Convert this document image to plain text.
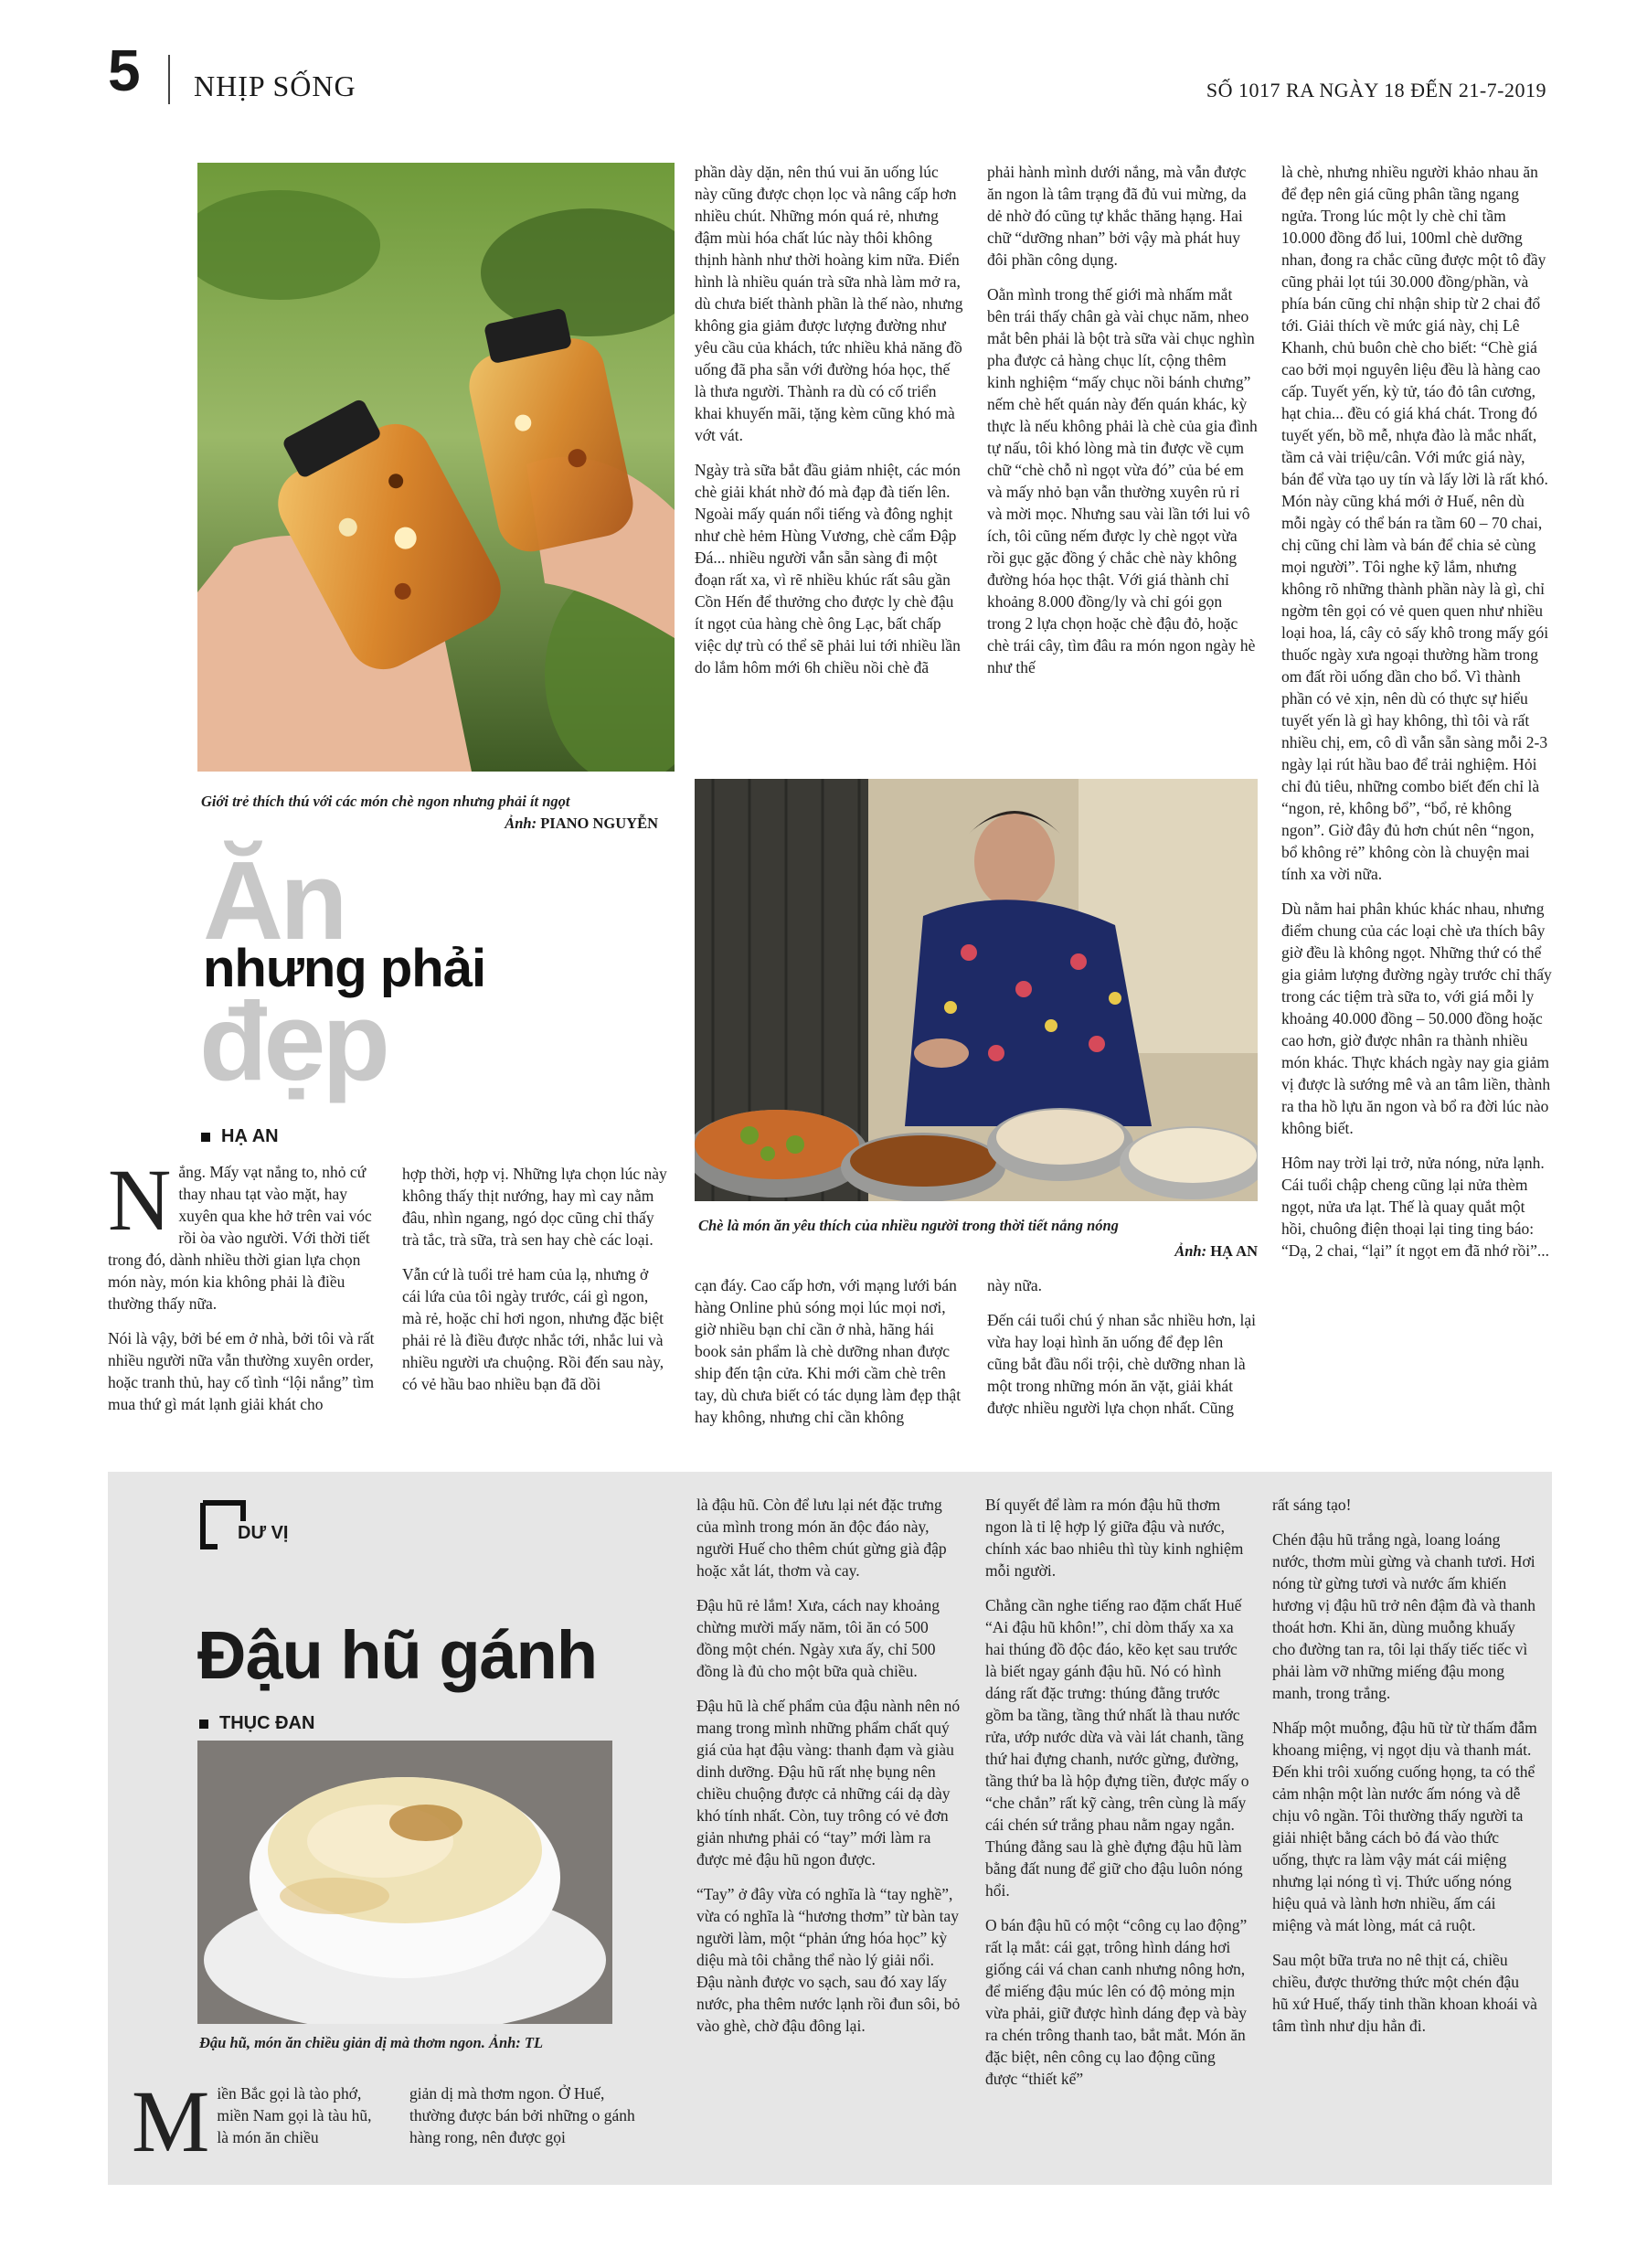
5 NHỊP SỐNG	SỐ 1017 RA NGÀY 18 ĐẾN 21-7-2019
Giới trẻ thích thú với các món chè ngon nhưng phải ít ngọt
Ảnh: PIANO NGUYỄN
Ăn
nhưng phải
đẹp
HẠ AN

Nắng. Mấy vạt nắng to, nhỏ cứ thay nhau tạt vào mặt, hay xuyên qua khe hở trên vai vóc rồi òa vào người. Với thời tiết trong đó, dành nhiều thời gian lựa chọn món này, món kia không phải là điều thường thấy nữa.

Nói là vậy, bởi bé em ở nhà, bởi tôi và rất nhiều người nữa vẫn thường xuyên order, hoặc tranh thủ, hay cố tình “lội nắng” tìm mua thứ gì mát lạnh giải khát cho

hợp thời, hợp vị. Những lựa chọn lúc này không thấy thịt nướng, hay mì cay nằm đâu, nhìn ngang, ngó dọc cũng chỉ thấy trà tắc, trà sữa, trà sen hay chè các loại.

Vẫn cứ là tuổi trẻ ham của lạ, nhưng ở cái lứa của tôi ngày trước, cái gì ngon, mà rẻ, hoặc chỉ hơi ngon, nhưng đặc biệt phải rẻ là điều được nhắc tới, nhắc lui và nhiều người ưa chuộng. Rồi đến sau này, có vẻ hầu bao nhiều bạn đã dồi

phần dày dặn, nên thú vui ăn uống lúc này cũng được chọn lọc và nâng cấp hơn nhiều chút. Những món quá rẻ, nhưng đậm mùi hóa chất lúc này thôi không thịnh hành như thời hoàng kim nữa. Điển hình là nhiều quán trà sữa nhà làm mở ra, dù chưa biết thành phần là thế nào, nhưng không gia giảm được lượng đường như yêu cầu của khách, tức nhiều khả năng đồ uống đã pha sẵn với đường hóa học, thế là thưa người. Thành ra dù có cố triển khai khuyến mãi, tặng kèm cũng khó mà vớt vát.

Ngày trà sữa bắt đầu giảm nhiệt, các món chè giải khát nhờ đó mà đạp đà tiến lên. Ngoài mấy quán nổi tiếng và đông nghịt như chè hẻm Hùng Vương, chè cẩm Đập Đá... nhiều người vẫn sẵn sàng đi một đoạn rất xa, vì rẽ nhiều khúc rất sâu gần Cồn Hến để thưởng cho được ly chè đậu ít ngọt của hàng chè ông Lạc, bất chấp việc dự trù có thể sẽ phải lui tới nhiều lần do lắm hôm mới 6h chiều nồi chè đã

phải hành mình dưới nắng, mà vẫn được ăn ngon là tâm trạng đã đủ vui mừng, da dẻ nhờ đó cũng tự khắc thăng hạng. Hai chữ “dưỡng nhan” bởi vậy mà phát huy đôi phần công dụng.

Oằn mình trong thế giới mà nhấm mắt bên trái thấy chân gà vài chục năm, nheo mắt bên phải là bột trà sữa vài chục nghìn pha được cả hàng chục lít, cộng thêm kinh nghiệm “mấy chục nồi bánh chưng” nếm chè hết quán này đến quán khác, kỳ thực là nếu không phải là chè của gia đình tự nấu, tôi khó lòng mà tin được về cụm chữ “chè chỗ nì ngọt vừa đó” của bé em và mấy nhỏ bạn vẫn thường xuyên rủ rỉ và mời mọc. Nhưng sau vài lần tới lui vô ích, tôi cũng nếm được ly chè ngọt vừa rồi gục gặc đồng ý chắc chè này không đường hóa học thật. Với giá thành chỉ khoảng 8.000 đồng/ly và chỉ gói gọn trong 2 lựa chọn hoặc chè đậu đỏ, hoặc chè trái cây, tìm đâu ra món ngon ngày hè như thế

Chè là món ăn yêu thích của nhiều người trong thời tiết nắng nóng
Ảnh: HẠ AN

cạn đáy. Cao cấp hơn, với mạng lưới bán hàng Online phủ sóng mọi lúc mọi nơi, giờ nhiều bạn chỉ cần ở nhà, hãng hái book sản phẩm là chè dưỡng nhan được ship đến tận cửa. Khi mới cầm chè trên tay, dù chưa biết có tác dụng làm đẹp thật hay không, nhưng chỉ cần không

này nữa.

Đến cái tuổi chú ý nhan sắc nhiều hơn, lại vừa hay loại hình ăn uống để đẹp lên cũng bắt đầu nổi trội, chè dưỡng nhan là một trong những món ăn vặt, giải khát được nhiều người lựa chọn nhất. Cũng

là chè, nhưng nhiều người khảo nhau ăn để đẹp nên giá cũng phân tầng ngang ngửa. Trong lúc một ly chè chỉ tầm 10.000 đồng đổ lui, 100ml chè dưỡng nhan, đong ra chắc cũng được một tô đầy cũng phải lọt túi 30.000 đồng/phần, và phía bán cũng chỉ nhận ship từ 2 chai đổ tới. Giải thích về mức giá này, chị Lê Khanh, chủ buôn chè cho biết: “Chè giá cao bởi mọi nguyên liệu đều là hàng cao cấp. Tuyết yến, kỳ tử, táo đỏ tân cương, hạt chia... đều có giá khá chát. Trong đó tuyết yến, bồ mễ, nhựa đào là mắc nhất, tầm cả vài triệu/cân. Với mức giá này, bán để vừa tạo uy tín và lấy lời là rất khó. Món này cũng khá mới ở Huế, nên dù mỗi ngày có thể bán ra tầm 60 – 70 chai, chị cũng chỉ làm và bán để chia sẻ cùng mọi người”. Tôi nghe kỹ lắm, nhưng không rõ những thành phần này là gì, chỉ ngờm tên gọi có vẻ quen quen như nhiều loại hoa, lá, cây cỏ sấy khô trong mấy gói thuốc ngày xưa ngoại thường hầm trong om đất rồi uống dần cho bổ. Vì thành phần có vẻ xịn, nên dù có thực sự hiểu tuyết yến là gì hay không, thì tôi và rất nhiều chị, em, cô dì vẫn sẵn sàng mỗi 2-3 ngày lại rút hầu bao để trải nghiệm. Hỏi chỉ đủ tiêu, những combo biết đến chỉ là “ngon, rẻ, không bổ”, “bổ, rẻ không ngon”. Giờ đây đủ hơn chút nên “ngon, bổ không rẻ” không còn là chuyện mai tính xa vời nữa.

Dù nằm hai phân khúc khác nhau, nhưng điểm chung của các loại chè ưa thích bây giờ đều là không ngọt. Những thứ có thể gia giảm lượng đường ngày trước chỉ thấy trong các tiệm trà sữa to, với giá mỗi ly khoảng 40.000 đồng – 50.000 đồng hoặc cao hơn, giờ được nhân ra thành nhiều món khác. Thực khách ngày nay gia giảm vị được là sướng mê và an tâm liền, thành ra tha hồ lựu ăn ngon và bổ ra đời lúc nào không biết.

Hôm nay trời lại trở, nửa nóng, nửa lạnh. Cái tuổi chập cheng cũng lại nửa thèm ngọt, nửa ưa lạt. Thế là quay quắt một hồi, chuông điện thoại lại ting ting báo: “Dạ, 2 chai, “lại” ít ngọt em đã nhớ rồi”...

DƯ VỊ
Đậu hũ gánh
THỤC ĐAN
Đậu hũ, món ăn chiều giản dị mà thơm ngon. Ảnh: TL

Miền Bắc gọi là tào phớ, miền Nam gọi là tàu hũ, là món ăn chiều

giản dị mà thơm ngon. Ở Huế, thường được bán bởi những o gánh hàng rong, nên được gọi

là đậu hũ. Còn để lưu lại nét đặc trưng của mình trong món ăn độc đáo này, người Huế cho thêm chút gừng già đập hoặc xắt lát, thơm và cay.

Đậu hũ rẻ lắm! Xưa, cách nay khoảng chừng mười mấy năm, tôi ăn có 500 đồng một chén. Ngày xưa ấy, chỉ 500 đồng là đủ cho một bữa quà chiều.

Đậu hũ là chế phẩm của đậu nành nên nó mang trong mình những phẩm chất quý giá của hạt đậu vàng: thanh đạm và giàu dinh dưỡng. Đậu hũ rất nhẹ bụng nên chiều chuộng được cả những cái dạ dày khó tính nhất. Còn, tuy trông có vẻ đơn giản nhưng phải có “tay” mới làm ra được mẻ đậu hũ ngon được.

“Tay” ở đây vừa có nghĩa là “tay nghề”, vừa có nghĩa là “hương thơm” từ bàn tay người làm, một “phản ứng hóa học” kỳ diệu mà tôi chẳng thể nào lý giải nổi. Đậu nành được vo sạch, sau đó xay lấy nước, pha thêm nước lạnh rồi đun sôi, bỏ vào ghè, chờ đậu đông lại.

Bí quyết để làm ra món đậu hũ thơm ngon là tỉ lệ hợp lý giữa đậu và nước, chính xác bao nhiêu thì tùy kinh nghiệm mỗi người.

Chẳng cần nghe tiếng rao đặm chất Huế “Ai đậu hũ khôn!”, chỉ dòm thấy xa xa hai thúng đồ độc đáo, kẽo kẹt sau trước là biết ngay gánh đậu hũ. Nó có hình dáng rất đặc trưng: thúng đằng trước gồm ba tầng, tầng thứ nhất là thau nước rửa, ướp nước dừa và vài lát chanh, tầng thứ hai đựng chanh, nước gừng, đường, tầng thứ ba là hộp đựng tiền, được mấy o “che chắn” rất kỹ càng, trên cùng là mấy cái chén sứ trắng phau nằm ngay ngắn. Thúng đằng sau là ghè đựng đậu hũ làm bằng đất nung để giữ cho đậu luôn nóng hổi.

O bán đậu hũ có một “công cụ lao động” rất lạ mắt: cái gạt, trông hình dáng hơi giống cái vá chan canh nhưng nông hơn, để miếng đậu múc lên có độ mỏng mịn vừa phải, giữ được hình dáng đẹp và bày ra chén trông thanh tao, bắt mắt. Món ăn đặc biệt, nên công cụ lao động cũng được “thiết kế”

rất sáng tạo!

Chén đậu hũ trắng ngà, loang loáng nước, thơm mùi gừng và chanh tươi. Hơi nóng từ gừng tươi và nước ấm khiến hương vị đậu hũ trở nên đậm đà và thanh thoát hơn. Khi ăn, dùng muỗng khuấy cho đường tan ra, tôi lại thấy tiếc tiếc vì phải làm vỡ những miếng đậu mong manh, trong trắng.

Nhấp một muỗng, đậu hũ từ từ thấm đẫm khoang miệng, vị ngọt dịu và thanh mát. Đến khi trôi xuống cuống họng, ta có thể cảm nhận một làn nước ấm nóng và dễ chịu vô ngần. Tôi thường thấy người ta giải nhiệt bằng cách bỏ đá vào thức uống, thực ra làm vậy mát cái miệng nhưng lại nóng tì vị. Thức uống nóng hiệu quả và lành hơn nhiều, ấm cái miệng và mát lòng, mát cả ruột.

Sau một bữa trưa no nê thịt cá, chiều chiều, được thưởng thức một chén đậu hũ xứ Huế, thấy tinh thần khoan khoái và tâm tình như dịu hẳn đi.
